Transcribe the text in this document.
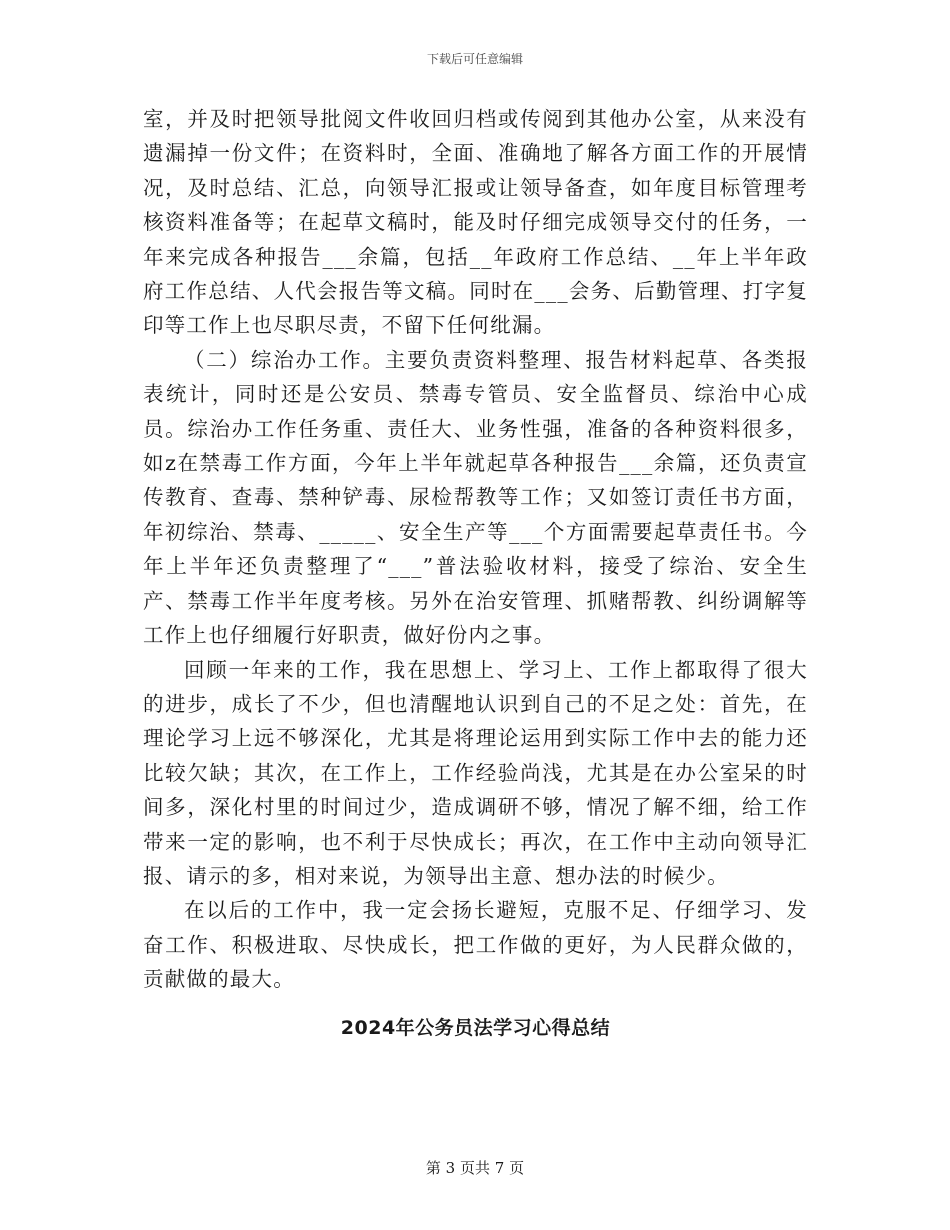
下载后可任意编辑

室，并及时把领导批阅文件收回归档或传阅到其他办公室，从来没有遗漏掉一份文件；在资料时，全面、准确地了解各方面工作的开展情况，及时总结、汇总，向领导汇报或让领导备查，如年度目标管理考核资料准备等；在起草文稿时，能及时仔细完成领导交付的任务，一年来完成各种报告___余篇，包括__年政府工作总结、__年上半年政府工作总结、人代会报告等文稿。同时在___会务、后勤管理、打字复印等工作上也尽职尽责，不留下任何纰漏。

（二）综治办工作。主要负责资料整理、报告材料起草、各类报表统计，同时还是公安员、禁毒专管员、安全监督员、综治中心成员。综治办工作任务重、责任大、业务性强，准备的各种资料很多，如z在禁毒工作方面，今年上半年就起草各种报告___余篇，还负责宣传教育、查毒、禁种铲毒、尿检帮教等工作；又如签订责任书方面，年初综治、禁毒、_____、安全生产等___个方面需要起草责任书。今年上半年还负责整理了“___”普法验收材料，接受了综治、安全生产、禁毒工作半年度考核。另外在治安管理、抓赌帮教、纠纷调解等工作上也仔细履行好职责，做好份内之事。

回顾一年来的工作，我在思想上、学习上、工作上都取得了很大的进步，成长了不少，但也清醒地认识到自己的不足之处：首先，在理论学习上远不够深化，尤其是将理论运用到实际工作中去的能力还比较欠缺；其次，在工作上，工作经验尚浅，尤其是在办公室呆的时间多，深化村里的时间过少，造成调研不够，情况了解不细，给工作带来一定的影响，也不利于尽快成长；再次，在工作中主动向领导汇报、请示的多，相对来说，为领导出主意、想办法的时候少。

在以后的工作中，我一定会扬长避短，克服不足、仔细学习、发奋工作、积极进取、尽快成长，把工作做的更好，为人民群众做的，贡献做的最大。

2024年公务员法学习心得总结
第 3 页共 7 页
